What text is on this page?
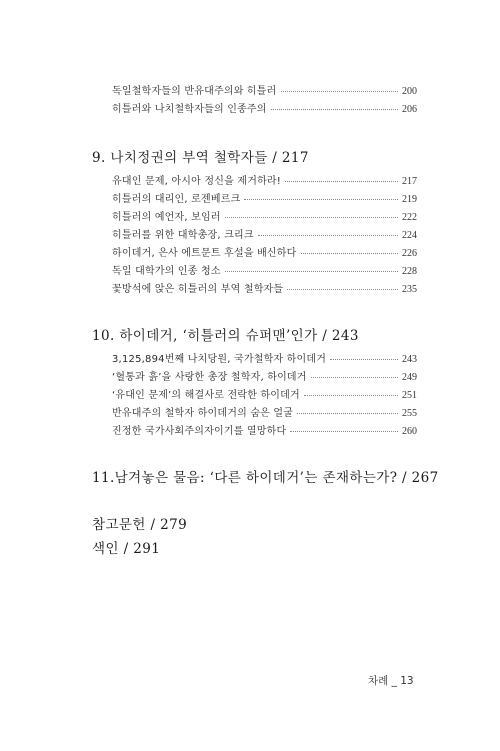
독일철학자들의 반유대주의와 히틀러	200
히틀러와 나치철학자들의 인종주의	206
9. 나치정권의 부역 철학자들 / 217
유대인 문제, 아시아 정신을 제거하라!	217
히틀러의 대리인, 로젠베르크	219
히틀러의 예언자, 보임러	222
히틀러를 위한 대학총장, 크리크	224
하이데거, 은사 에트문트 후설을 배신하다	226
독일 대학가의 인종 청소	228
꽃방석에 앉은 히틀러의 부역 철학자들	235
10. 하이데거, ‘히틀러의 슈퍼맨’인가 / 243
3,125,894번째 나치당원, 국가철학자 하이데거	243
‘혈통과 흙’을 사랑한 총장 철학자, 하이데거	249
‘유대인 문제’의 해결사로 전락한 하이데거	251
반유대주의 철학자 하이데거의 숨은 얼굴	255
진정한 국가사회주의자이기를 열망하다	260
11.남겨놓은 물음: ‘다른 하이데거’는 존재하는가? / 267
참고문헌 / 279
색인 / 291
차례 _ 13
